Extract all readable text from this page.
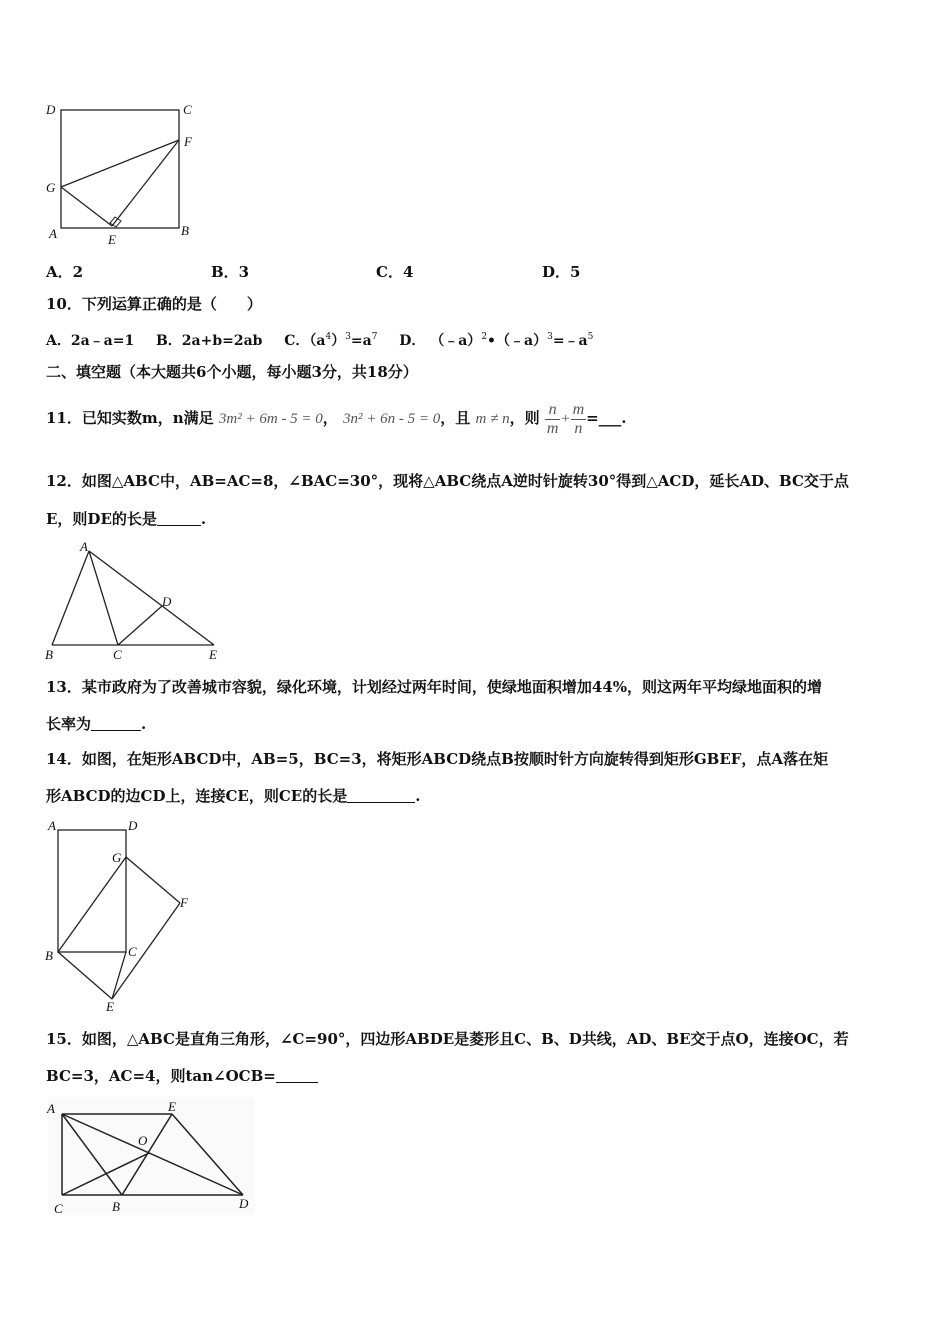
D	C
F
G
A	E
B
A．2	B．3	C．4	D．5
10．下列运算正确的是（　　）
A．2a﹣a=1 B．2a+b=2ab C．$(a^4)^3=a^7$ D． $(﹣a)^2•(﹣a)^3=﹣a^5$
二、填空题（本大题共6个小题，每小题3分，共18分）
11．已知实数m，n满足 3m² + 6m - 5 = 0， 3n² + 6n - 5 = 0，且 m ≠ n，则 $\frac{n}{m} + \frac{m}{n}$ =___.
12．如图△ABC中，AB=AC=8，∠BAC=30°，现将△ABC绕点A逆时针旋转30°得到△ACD，延长AD、BC交于点
E，则DE的长是	.
A
D
B	C	E
13．某市政府为了改善城市容貌，绿化环境，计划经过两年时间，使绿地面积增加44%，则这两年平均绿地面积的增
长率为	.
14．如图，在矩形ABCD中，AB=5，BC=3，将矩形ABCD绕点B按顺时针方向旋转得到矩形GBEF，点A落在矩
形ABCD的边CD上，连接CE，则CE的长是	.
A	D
G
F
B	C
E
15．如图，△ABC是直角三角形，∠C=90°，四边形ABDE是菱形且C、B、D共线，AD、BE交于点O，连接OC，若
BC=3，AC=4，则tan∠OCB=
A	E
O
C	B	D
